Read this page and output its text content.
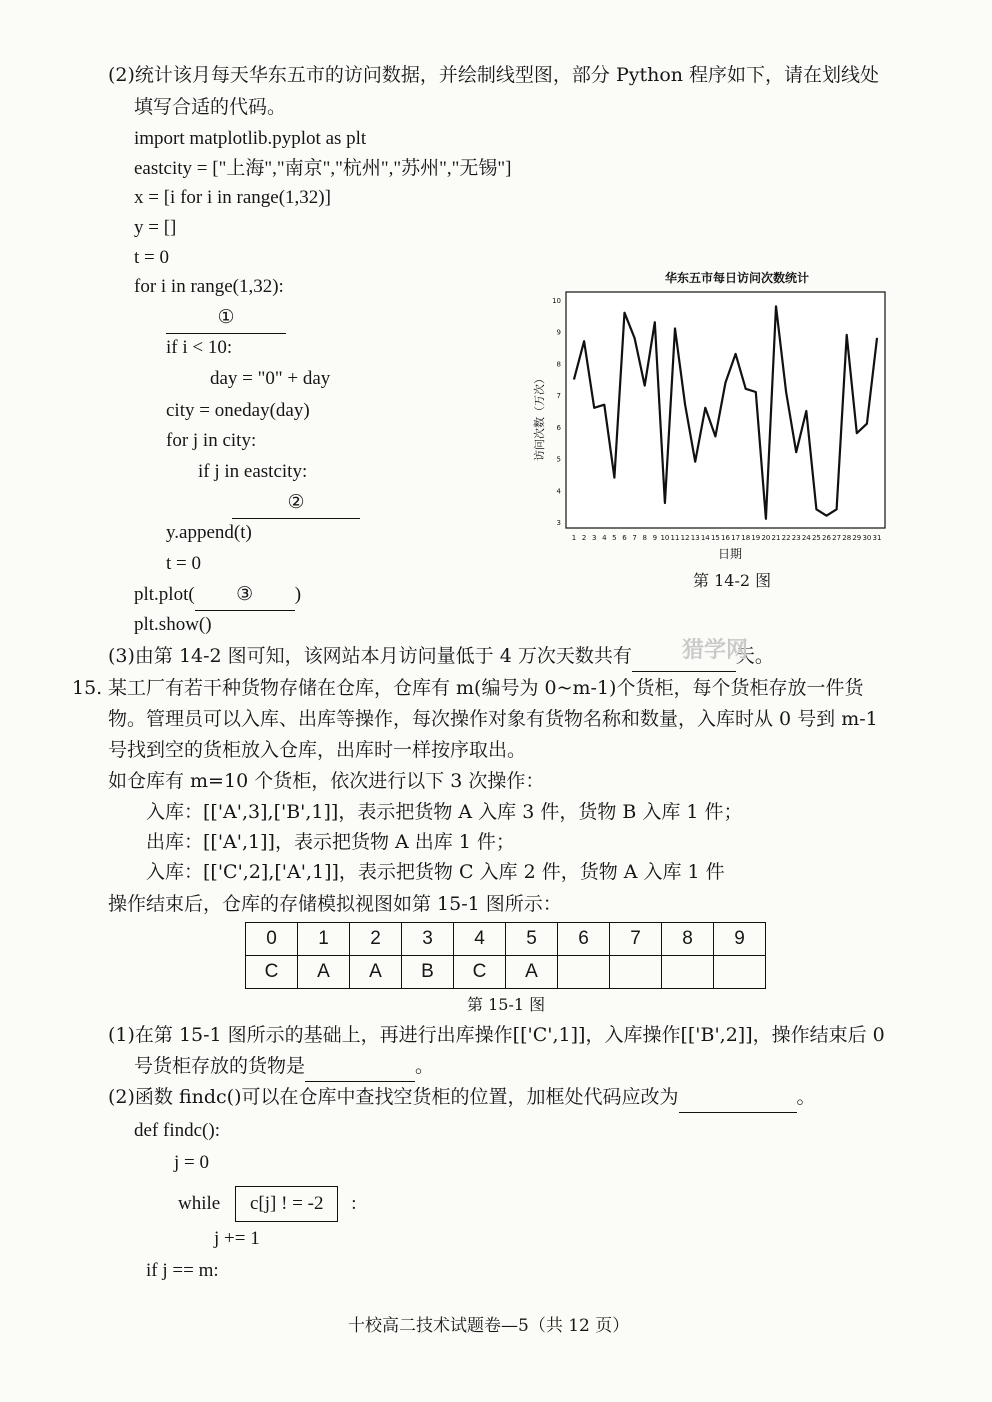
(2)统计该月每天华东五市的访问数据，并绘制线型图，部分 Python 程序如下，请在划线处
填写合适的代码。
import matplotlib.pyplot as plt
eastcity = ["上海","南京","杭州","苏州","无锡"]
x = [i for i in range(1,32)]
y = []
t = 0
for i in range(1,32):
①
if i < 10:
day = "0" + day
city = oneday(day)
for j in city:
if j in eastcity:
②
y.append(t)
t = 0
plt.plot( ③ )
plt.show()
华东五市每日访问次数统计
3
4
5
6
7
8
9
10
1 2 3 4 5 6 7 8 9 10 11 12 13 14 15 16 17 18 19 20 21 22 23 24 25 26 27 28 29 30 31
日期
访问次数（万次）
第 14-2 图
(3)由第 14-2 图可知，该网站本月访问量低于 4 万次天数共有	天。
猎学网
15. 某工厂有若干种货物存储在仓库，仓库有 m(编号为 0~m-1)个货柜，每个货柜存放一件货
物。管理员可以入库、出库等操作，每次操作对象有货物名称和数量，入库时从 0 号到 m-1
号找到空的货柜放入仓库，出库时一样按序取出。
如仓库有 m=10 个货柜，依次进行以下 3 次操作：
入库：[['A',3],['B',1]]，表示把货物 A 入库 3 件，货物 B 入库 1 件；
出库：[['A',1]]，表示把货物 A 出库 1 件；
入库：[['C',2],['A',1]]，表示把货物 C 入库 2 件，货物 A 入库 1 件
操作结束后，仓库的存储模拟视图如第 15-1 图所示：
0	1	2	3	4	5	6	7	8	9
C	A	A	B	C	A				
第 15-1 图
(1)在第 15-1 图所示的基础上，再进行出库操作[['C',1]]，入库操作[['B',2]]，操作结束后 0
号货柜存放的货物是	。
(2)函数 findc()可以在仓库中查找空货柜的位置，加框处代码应改为	。
def findc():
j = 0
while c[j] ! = -2 :
j += 1
if j == m:
十校高二技术试题卷—5（共 12 页）
